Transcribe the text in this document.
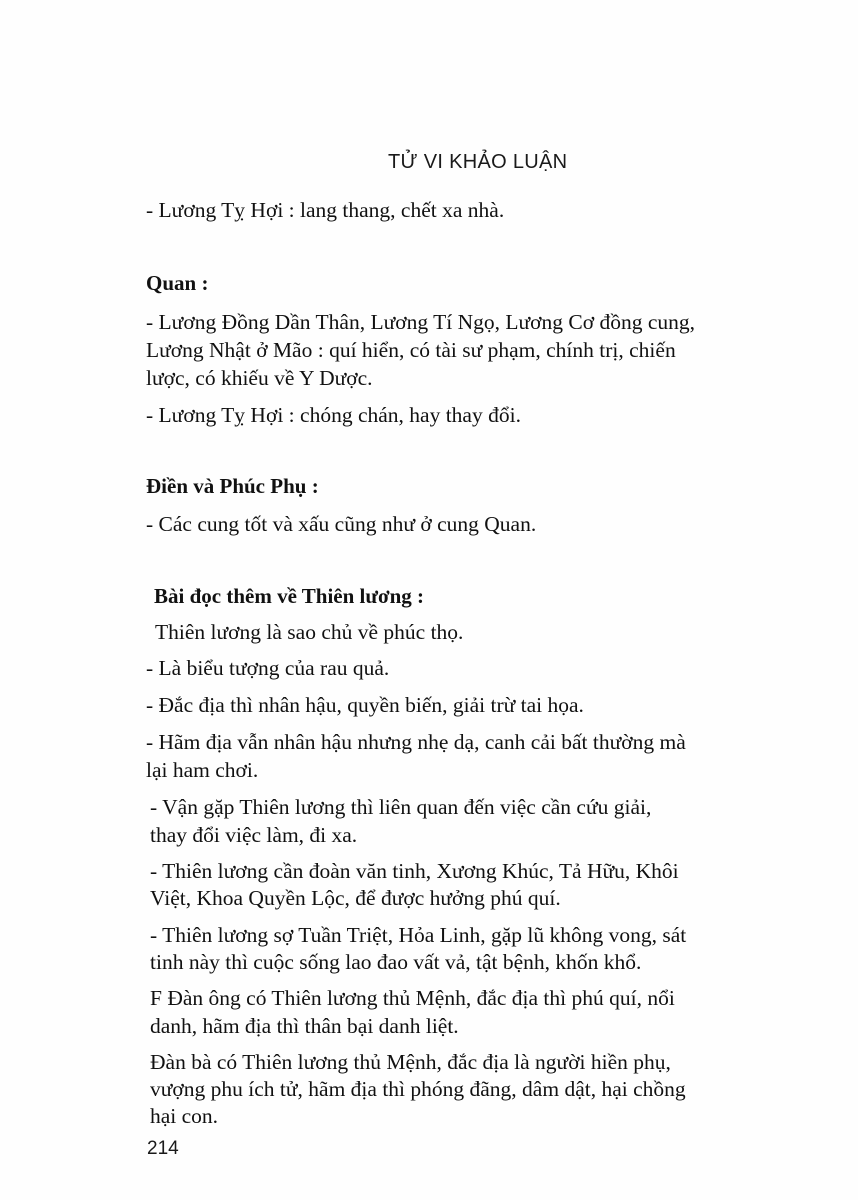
TỬ VI KHẢO LUẬN
- Lương Tỵ Hợi : lang thang, chết xa nhà.
Quan :
- Lương Đồng Dần Thân, Lương Tí Ngọ, Lương Cơ đồng cung,
Lương Nhật ở Mão : quí hiển, có tài sư phạm, chính trị, chiến
lược, có khiếu về Y Dược.
- Lương Tỵ Hợi : chóng chán, hay thay đổi.
Điền và Phúc Phụ :
- Các cung tốt và xấu cũng như ở cung Quan.
Bài đọc thêm về Thiên lương :
Thiên lương là sao chủ về phúc thọ.
- Là biểu tượng của rau quả.
- Đắc địa thì nhân hậu, quyền biến, giải trừ tai họa.
- Hãm địa vẫn nhân hậu nhưng nhẹ dạ, canh cải bất thường mà
lại ham chơi.
- Vận gặp Thiên lương thì liên quan đến việc cần cứu giải,
thay đổi việc làm, đi xa.
- Thiên lương cần đoàn văn tinh, Xương Khúc, Tả Hữu, Khôi
Việt, Khoa Quyền Lộc, để được hưởng phú quí.
- Thiên lương sợ Tuần Triệt, Hỏa Linh, gặp lũ không vong, sát
tinh này thì cuộc sống lao đao vất vả, tật bệnh, khốn khổ.
F Đàn ông có Thiên lương thủ Mệnh, đắc địa thì phú quí, nổi
danh, hãm địa thì thân bại danh liệt.
Đàn bà có Thiên lương thủ Mệnh, đắc địa là người hiền phụ,
vượng phu ích tử, hãm địa thì phóng đãng, dâm dật, hại chồng
hại con.
214
